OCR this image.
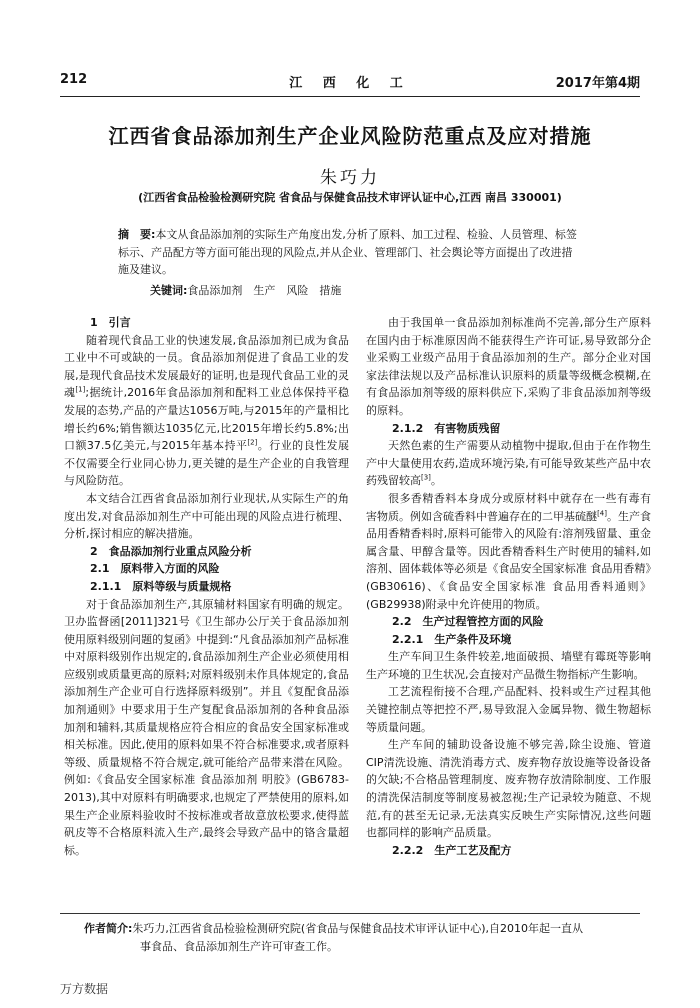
212	江 西 化 工	2017年第4期
江西省食品添加剂生产企业风险防范重点及应对措施
朱巧力
(江西省食品检验检测研究院 省食品与保健食品技术审评认证中心,江西 南昌 330001)
摘　要:本文从食品添加剂的实际生产角度出发,分析了原料、加工过程、检验、人员管理、标签标示、产品配方等方面可能出现的风险点,并从企业、管理部门、社会舆论等方面提出了改进措施及建议。
关键词:食品添加剂　生产　风险　措施
1　引言

随着现代食品工业的快速发展,食品添加剂已成为食品工业中不可或缺的一员。食品添加剂促进了食品工业的发展,是现代食品技术发展最好的证明,也是现代食品工业的灵魂[1];据统计,2016年食品添加剂和配料工业总体保持平稳发展的态势,产品的产量达1056万吨,与2015年的产量相比增长约6%;销售额达1035亿元,比2015年增长约5.8%;出口额37.5亿美元,与2015年基本持平[2]。行业的良性发展不仅需要全行业同心协力,更关键的是生产企业的自我管理与风险防范。

本文结合江西省食品添加剂行业现状,从实际生产的角度出发,对食品添加剂生产中可能出现的风险点进行梳理、分析,探讨相应的解决措施。

2　食品添加剂行业重点风险分析
2.1　原料带入方面的风险
2.1.1　原料等级与质量规格

对于食品添加剂生产,其原辅材料国家有明确的规定。卫办监督函[2011]321号《卫生部办公厅关于食品添加剂使用原料级别问题的复函》中提到:“凡食品添加剂产品标准中对原料级别作出规定的,食品添加剂生产企业必须使用相应级别或质量更高的原料;对原料级别未作具体规定的,食品添加剂生产企业可自行选择原料级别”。并且《复配食品添加剂通则》中要求用于生产复配食品添加剂的各种食品添加剂和辅料,其质量规格应符合相应的食品安全国家标准或相关标准。因此,使用的原料如果不符合标准要求,或者原料等级、质量规格不符合规定,就可能给产品带来潜在风险。例如:《食品安全国家标准 食品添加剂 明胶》(GB6783-2013),其中对原料有明确要求,也规定了严禁使用的原料,如果生产企业原料验收时不按标准或者故意放松要求,使得蓝矾皮等不合格原料流入生产,最终会导致产品中的铬含量超标。

由于我国单一食品添加剂标准尚不完善,部分生产原料在国内由于标准原因尚不能获得生产许可证,易导致部分企业采购工业级产品用于食品添加剂的生产。部分企业对国家法律法规以及产品标准认识原料的质量等级概念模糊,在有食品添加剂等级的原料供应下,采购了非食品添加剂等级的原料。

2.1.2　有害物质残留

天然色素的生产需要从动植物中提取,但由于在作物生产中大量使用农药,造成环境污染,有可能导致某些产品中农药残留较高[3]。

很多香精香料本身成分或原材料中就存在一些有毒有害物质。例如含硫香料中普遍存在的二甲基硫醚[4]。生产食品用香精香料时,原料可能带入的风险有:溶剂残留量、重金属含量、甲醇含量等。因此香精香料生产时使用的辅料,如溶剂、固体载体等必须是《食品安全国家标准 食品用香精》(GB30616)、《食品安全国家标准 食品用香料通则》(GB29938)附录中允许使用的物质。

2.2　生产过程管控方面的风险
2.2.1　生产条件及环境

生产车间卫生条件较差,地面破损、墙壁有霉斑等影响生产环境的卫生状况,会直接对产品微生物指标产生影响。

工艺流程衔接不合理,产品配料、投料或生产过程其他关键控制点等把控不严,易导致混入金属异物、微生物超标等质量问题。

生产车间的辅助设备设施不够完善,除尘设施、管道CIP清洗设施、清洗消毒方式、废弃物存放设施等设备设备的欠缺;不合格品管理制度、废弃物存放清除制度、工作服的清洗保洁制度等制度易被忽视;生产记录较为随意、不规范,有的甚至无记录,无法真实反映生产实际情况,这些问题也都同样的影响产品质量。

2.2.2　生产工艺及配方
作者简介:朱巧力,江西省食品检验检测研究院(省食品与保健食品技术审评认证中心),自2010年起一直从
事食品、食品添加剂生产许可审查工作。
万方数据
